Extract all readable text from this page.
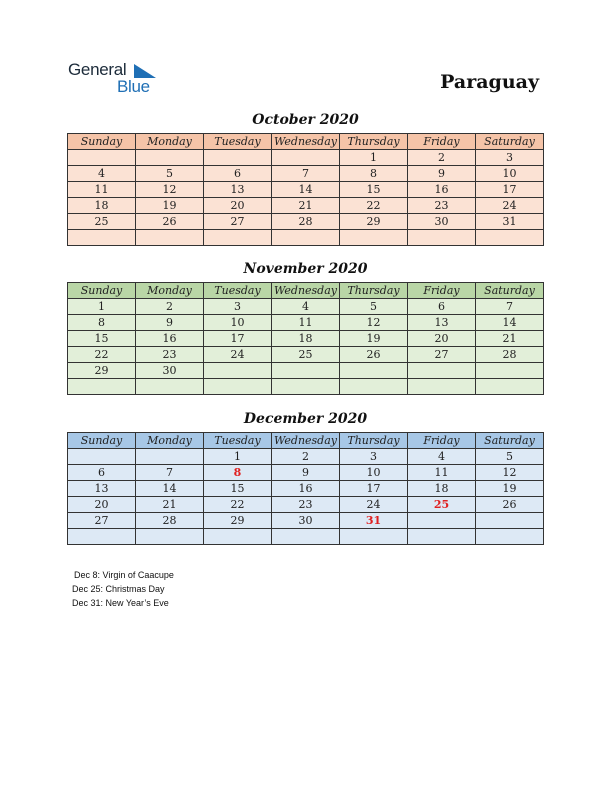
General
Blue	Paraguay
October 2020
Sunday	Monday	Tuesday	Wednesday	Thursday	Friday	Saturday
				1	2	3
4	5	6	7	8	9	10
11	12	13	14	15	16	17
18	19	20	21	22	23	24
25	26	27	28	29	30	31

November 2020
Sunday	Monday	Tuesday	Wednesday	Thursday	Friday	Saturday
1	2	3	4	5	6	7
8	9	10	11	12	13	14
15	16	17	18	19	20	21
22	23	24	25	26	27	28
29	30					

December 2020
Sunday	Monday	Tuesday	Wednesday	Thursday	Friday	Saturday
		1	2	3	4	5
6	7	8	9	10	11	12
13	14	15	16	17	18	19
20	21	22	23	24	25	26
27	28	29	30	31		

Dec 8: Virgin of Caacupe
Dec 25: Christmas Day
Dec 31: New Year’s Eve
